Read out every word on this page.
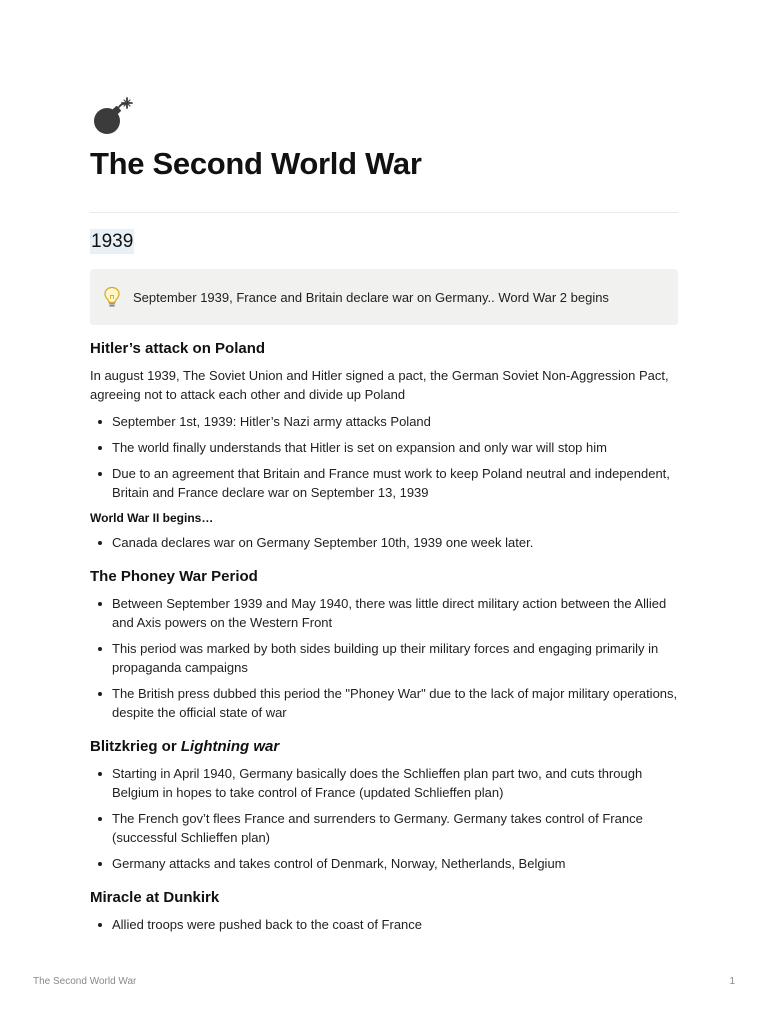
The Second World War
1939
September 1939, France and Britain declare war on Germany.. Word War 2 begins
Hitler’s attack on Poland

In august 1939, The Soviet Union and Hitler signed a pact, the German Soviet Non-Aggression Pact, agreeing not to attack each other and divide up Poland

September 1st, 1939: Hitler’s Nazi army attacks Poland
The world finally understands that Hitler is set on expansion and only war will stop him
Due to an agreement that Britain and France must work to keep Poland neutral and independent, Britain and France declare war on September 13, 1939
World War II begins…
Canada declares war on Germany September 10th, 1939 one week later.
The Phoney War Period
Between September 1939 and May 1940, there was little direct military action between the Allied and Axis powers on the Western Front
This period was marked by both sides building up their military forces and engaging primarily in propaganda campaigns
The British press dubbed this period the "Phoney War" due to the lack of major military operations, despite the official state of war
Blitzkrieg or Lightning war
Starting in April 1940, Germany basically does the Schlieffen plan part two, and cuts through Belgium in hopes to take control of France (updated Schlieffen plan)
The French gov’t flees France and surrenders to Germany. Germany takes control of France (successful Schlieffen plan)
Germany attacks and takes control of Denmark, Norway, Netherlands, Belgium
Miracle at Dunkirk
Allied troops were pushed back to the coast of France
The Second World War	1
